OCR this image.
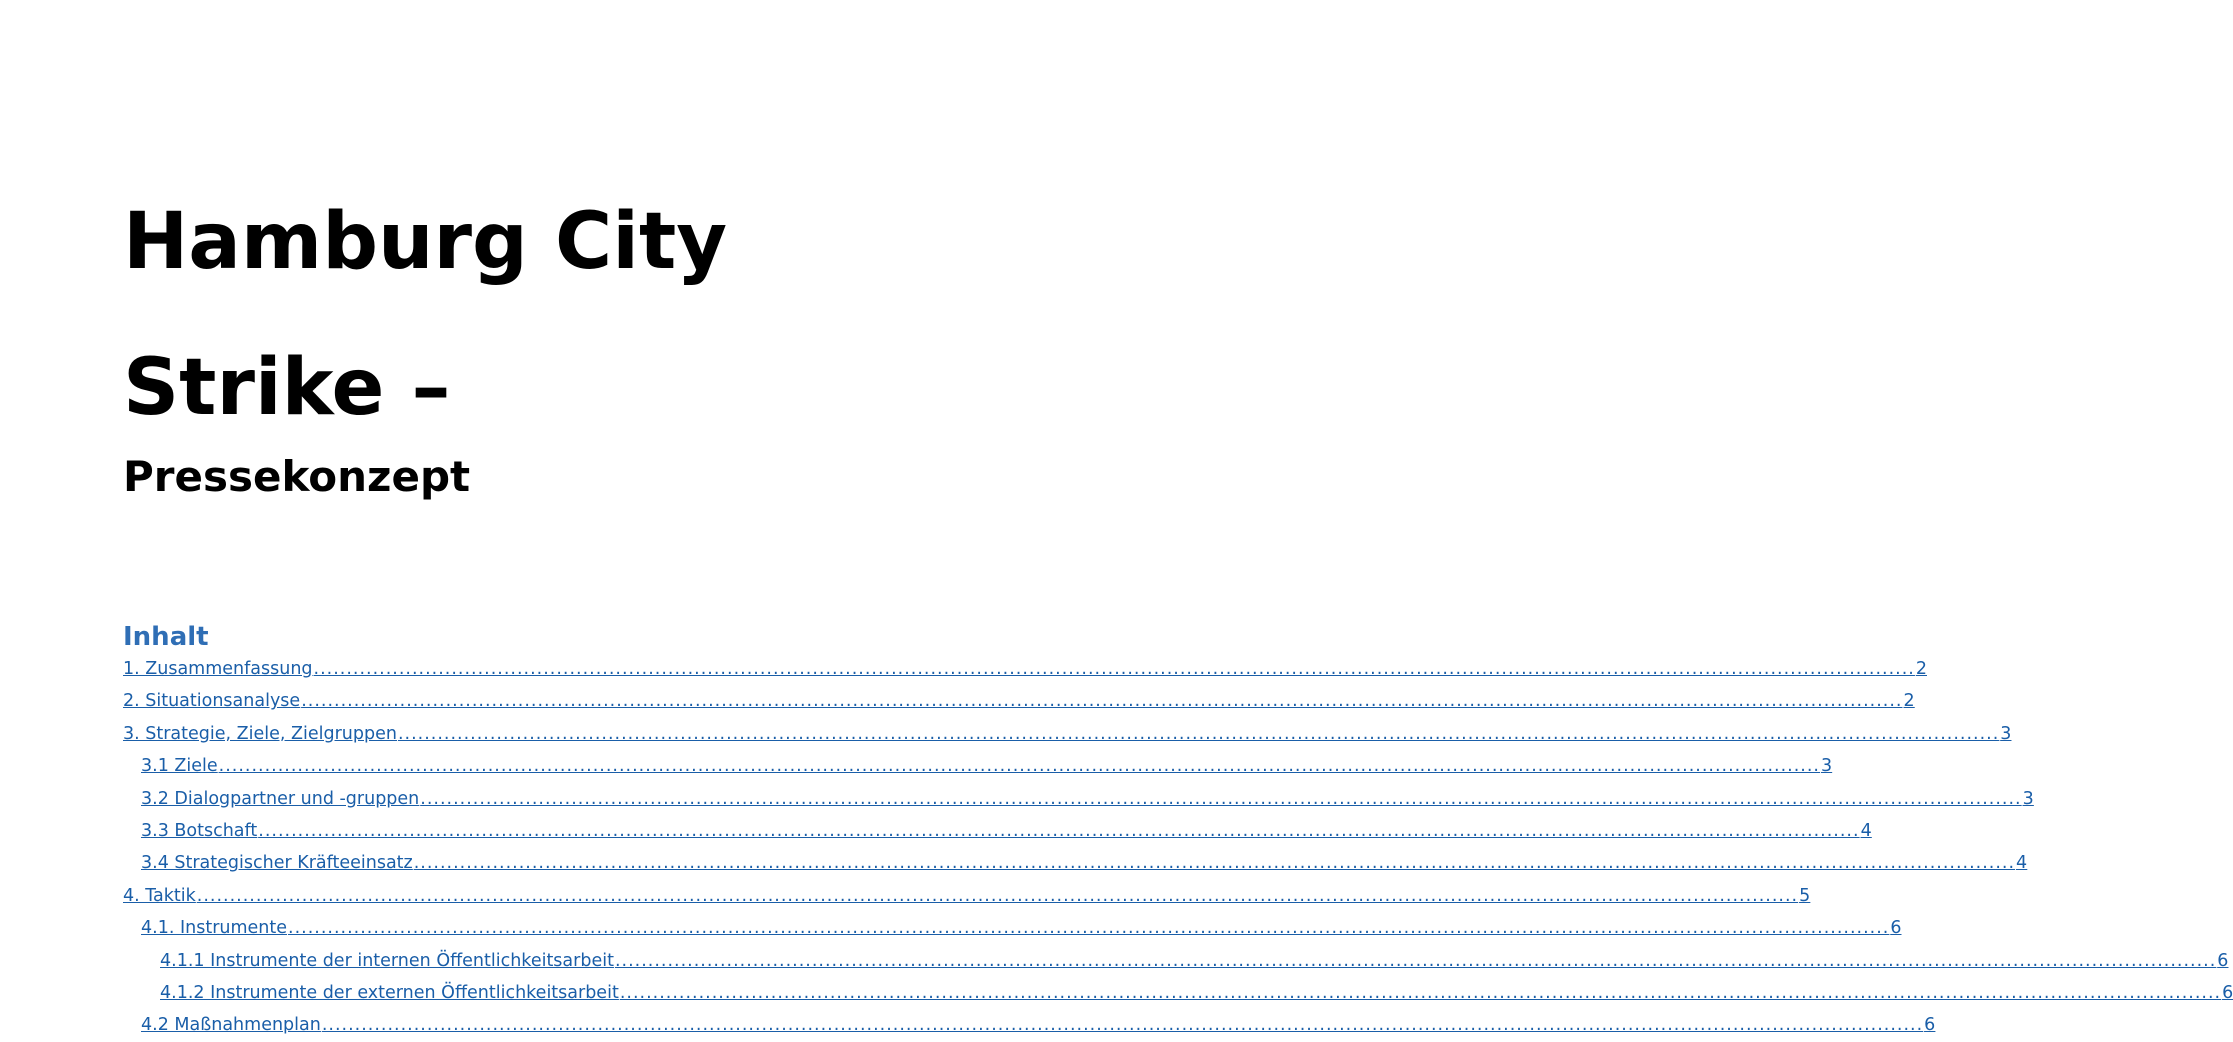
Hamburg City
Strike –
Pressekonzept
Inhalt
1. Zusammenfassung .....	2
2. Situationsanalyse .....	2
3. Strategie, Ziele, Zielgruppen .....	3
3.1 Ziele .....	3
3.2 Dialogpartner und -gruppen .....	3
3.3 Botschaft .....	4
3.4 Strategischer Kräfteeinsatz .....	4
4. Taktik .....	5
4.1. Instrumente .....	6
4.1.1 Instrumente der internen Öffentlichkeitsarbeit .....	6
4.1.2 Instrumente der externen Öffentlichkeitsarbeit .....	6
4.2 Maßnahmenplan .....	6
